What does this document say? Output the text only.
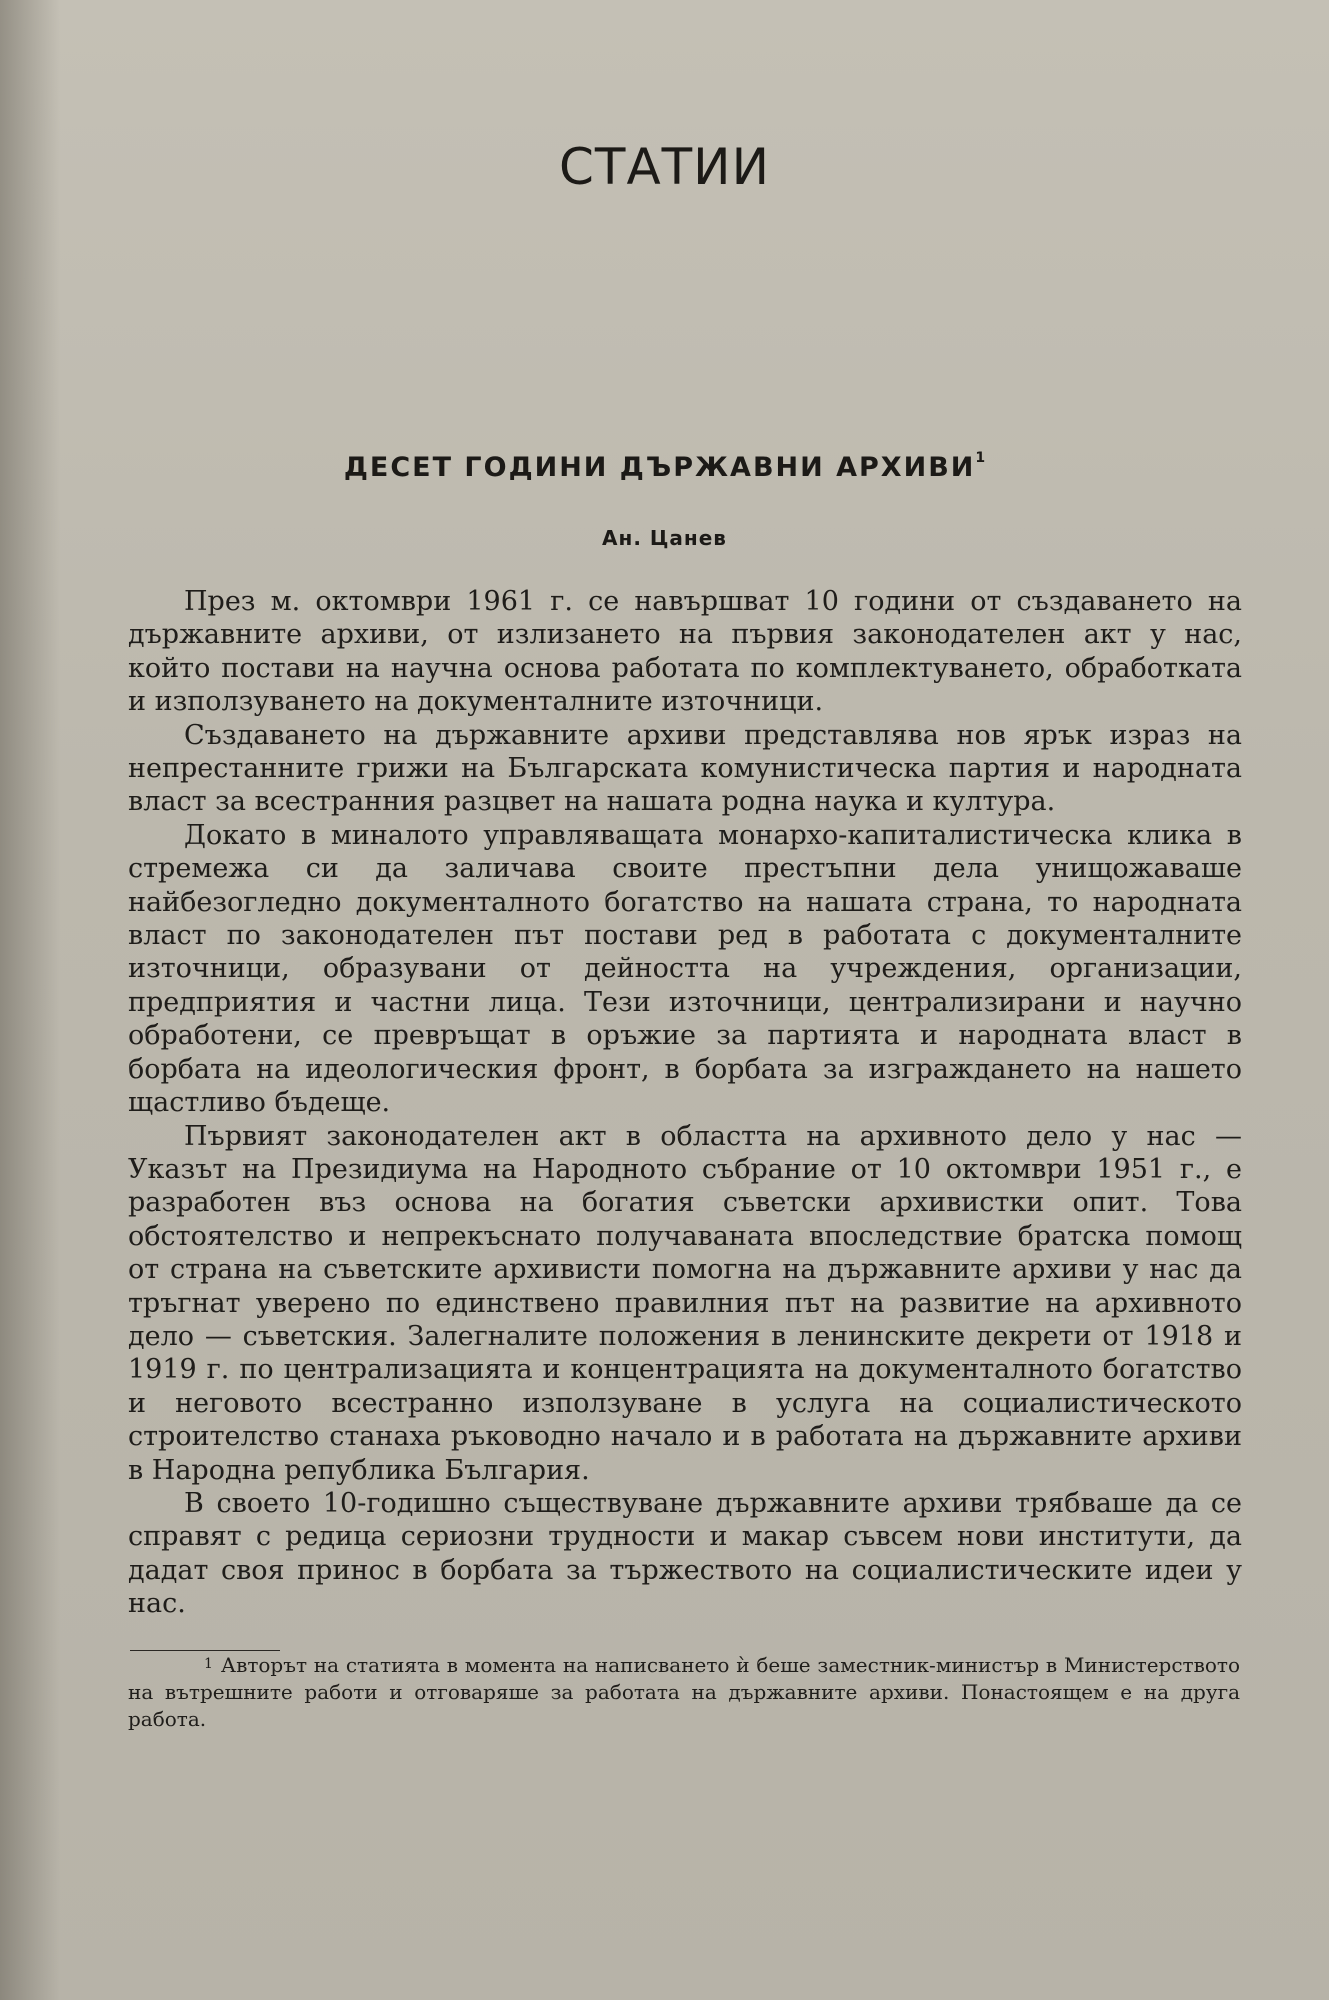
СТАТИИ
ДЕСЕТ ГОДИНИ ДЪРЖАВНИ АРХИВИ$^1$
Ан. Цанев

През м. октомври 1961 г. се навършват 10 години от създаването на държавните архиви, от излизането на първия законодателен акт у нас, който постави на научна основа работата по комплектуването, обработката и използуването на документалните източници.

Създаването на държавните архиви представлява нов ярък израз на непрестанните грижи на Българската комунистическа партия и народната власт за всестранния разцвет на нашата родна наука и култура.

Докато в миналото управляващата монархо-капиталистическа клика в стремежа си да заличава своите престъпни дела унищожаваше найбезогледно документалното богатство на нашата страна, то народната власт по законодателен път постави ред в работата с документалните източници, образувани от дейността на учреждения, организации, предприятия и частни лица. Тези източници, централизирани и научно обработени, се превръщат в оръжие за партията и народната власт в борбата на идеологическия фронт, в борбата за изграждането на нашето щастливо бъдеще.

Първият законодателен акт в областта на архивното дело у нас — Указът на Президиума на Народното събрание от 10 октомври 1951 г., е разработен въз основа на богатия съветски архивистки опит. Това обстоятелство и непрекъснато получаваната впоследствие братска помощ от страна на съветските архивисти помогна на държавните архиви у нас да тръгнат уверено по единствено правилния път на развитие на архивното дело — съветския. Залегналите положения в ленинските декрети от 1918 и 1919 г. по централизацията и концентрацията на документалното богатство и неговото всестранно използуване в услуга на социалистическото строителство станаха ръководно начало и в работата на държавните архиви в Народна република България.

В своето 10-годишно съществуване държавните архиви трябваше да се справят с редица сериозни трудности и макар съвсем нови институти, да дадат своя принос в борбата за тържеството на социалистическите идеи у нас.

$^1$ Авторът на статията в момента на написването ѝ беше заместник-министър в Министерството на вътрешните работи и отговаряше за работата на държавните архиви. Понастоящем е на друга работа.
